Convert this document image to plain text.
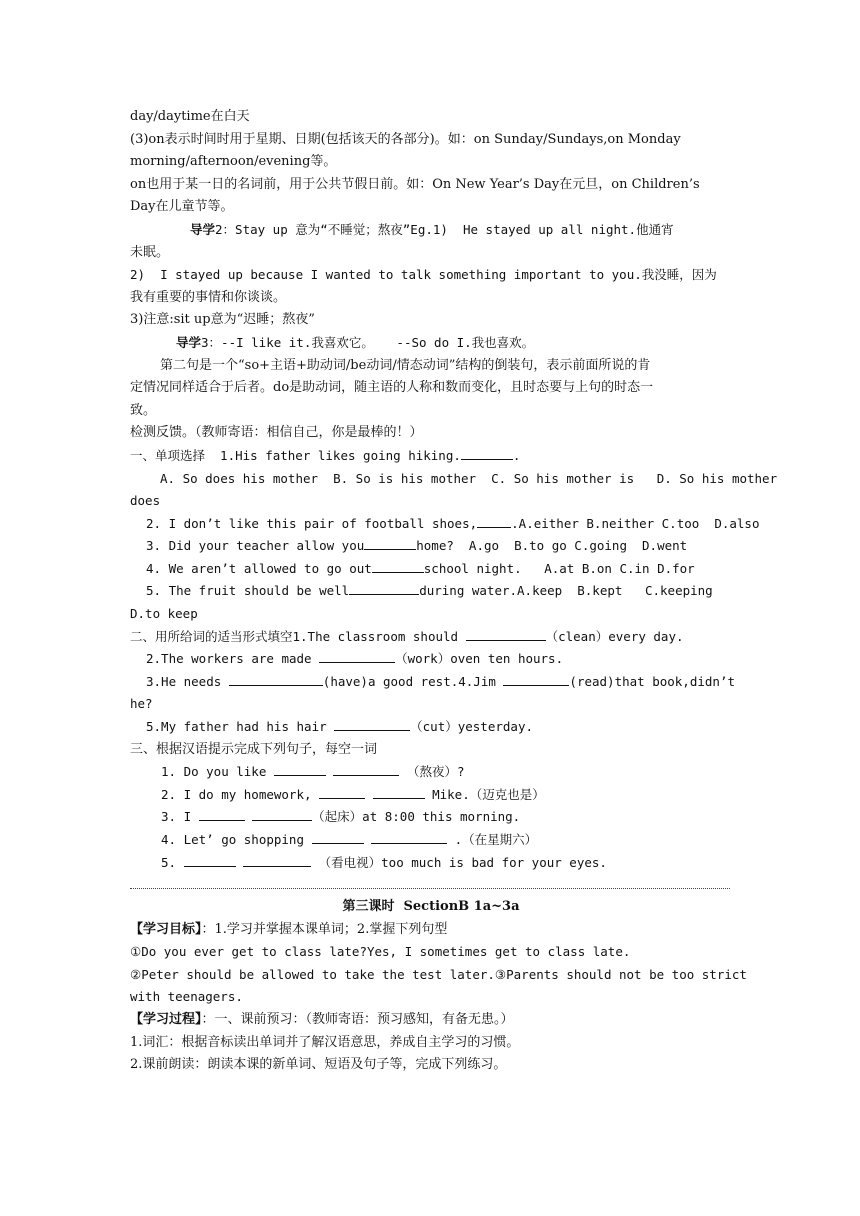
day/daytime在白天
(3)on表示时间时用于星期、日期(包括该天的各部分)。如：on Sunday/Sundays,on Monday
morning/afternoon/evening等。
on也用于某一日的名词前，用于公共节假日前。如：On New Year’s Day在元旦，on Children’s
Day在儿童节等。
导学2：Stay up 意为“不睡觉；熬夜”Eg.1)  He stayed up all night.他通宵
未眠。
2)  I stayed up because I wanted to talk something important to you.我没睡，因为
我有重要的事情和你谈谈。
3)注意:sit up意为“迟睡；熬夜”
导学3：--I like it.我喜欢它。   --So do I.我也喜欢。
第二句是一个“so+主语+助动词/be动词/情态动词”结构的倒装句，表示前面所说的肯
定情况同样适合于后者。do是助动词，随主语的人称和数而变化，且时态要与上句的时态一
致。
检测反馈。（教师寄语：相信自己，你是最棒的！）
一、单项选择  1.His father likes going hiking.	.
A. So does his mother  B. So is his mother  C. So his mother is   D. So his mother
does
2. I don’t like this pair of football shoes,	.A.either B.neither C.too  D.also
3. Did your teacher allow you	home?  A.go  B.to go C.going  D.went
4. We aren’t allowed to go out	school night.   A.at B.on C.in D.for
5. The fruit should be well	during water.A.keep  B.kept   C.keeping
D.to keep
二、用所给词的适当形式填空1.The classroom should	（clean）every day.
2.The workers are made	（work）oven ten hours.
3.He needs	(have)a good rest.4.Jim	(read)that book,didn’t
he?
5.My father had his hair	（cut）yesterday.
三、根据汉语提示完成下列句子，每空一词
1. Do you like	（熬夜）?
2. I do my homework,	Mike.（迈克也是）
3. I	（起床）at 8:00 this morning.
4. Let’ go shopping	.（在星期六）
5.	（看电视）too much is bad for your eyes.
第三课时  SectionB 1a~3a
【学习目标】：1.学习并掌握本课单词；2.掌握下列句型
①Do you ever get to class late?Yes, I sometimes get to class late.
②Peter should be allowed to take the test later.③Parents should not be too strict
with teenagers.
【学习过程】：一、课前预习：（教师寄语：预习感知，有备无患。）
1.词汇：根据音标读出单词并了解汉语意思，养成自主学习的习惯。
2.课前朗读：朗读本课的新单词、短语及句子等，完成下列练习。
